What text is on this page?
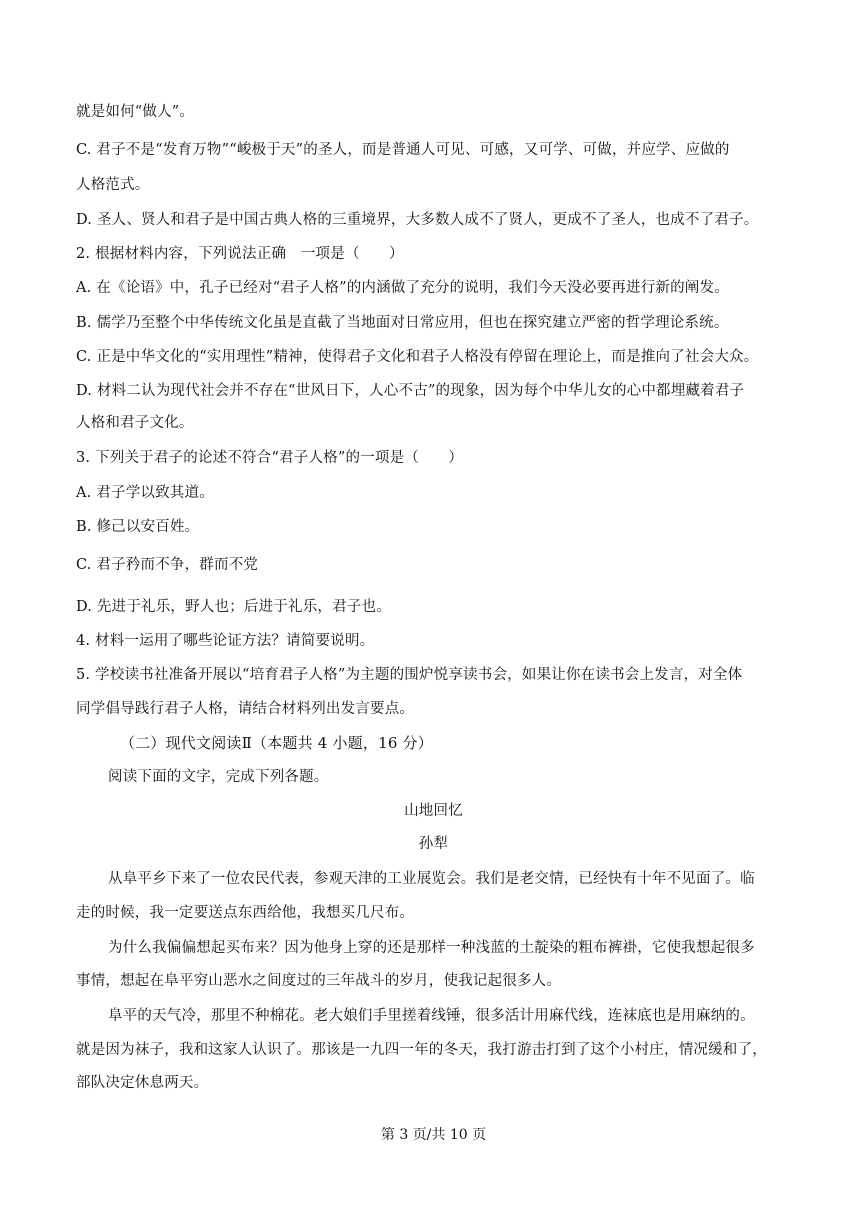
就是如何“做人”。
C. 君子不是“发育万物”“峻极于天”的圣人，而是普通人可见、可感，又可学、可做，并应学、应做的
人格范式。
D. 圣人、贤人和君子是中国古典人格的三重境界，大多数人成不了贤人，更成不了圣人，也成不了君子。
2. 根据材料内容，下列说法正确　一项是（　　）
A. 在《论语》中，孔子已经对“君子人格”的内涵做了充分的说明，我们今天没必要再进行新的阐发。
B. 儒学乃至整个中华传统文化虽是直截了当地面对日常应用，但也在探究建立严密的哲学理论系统。
C. 正是中华文化的“实用理性”精神，使得君子文化和君子人格没有停留在理论上，而是推向了社会大众。
D. 材料二认为现代社会并不存在“世风日下，人心不古”的现象，因为每个中华儿女的心中都埋藏着君子
人格和君子文化。
3. 下列关于君子的论述不符合“君子人格”的一项是（　　）
A. 君子学以致其道。
B. 修己以安百姓。
C. 君子矜而不争，群而不党
D. 先进于礼乐，野人也；后进于礼乐，君子也。
4. 材料一运用了哪些论证方法？请简要说明。
5. 学校读书社准备开展以“培育君子人格”为主题的围炉悦享读书会，如果让你在读书会上发言，对全体
同学倡导践行君子人格，请结合材料列出发言要点。
（二）现代文阅读Ⅱ（本题共 4 小题，16 分）
阅读下面的文字，完成下列各题。
山地回忆
孙犁
从阜平乡下来了一位农民代表，参观天津的工业展览会。我们是老交情，已经快有十年不见面了。临
走的时候，我一定要送点东西给他，我想买几尺布。
为什么我偏偏想起买布来？因为他身上穿的还是那样一种浅蓝的土靛染的粗布裤褂，它使我想起很多
事情，想起在阜平穷山恶水之间度过的三年战斗的岁月，使我记起很多人。
阜平的天气冷，那里不种棉花。老大娘们手里搓着线锤，很多活计用麻代线，连袜底也是用麻纳的。
就是因为袜子，我和这家人认识了。那该是一九四一年的冬天，我打游击打到了这个小村庄，情况缓和了，
部队决定休息两天。
第 3 页/共 10 页
